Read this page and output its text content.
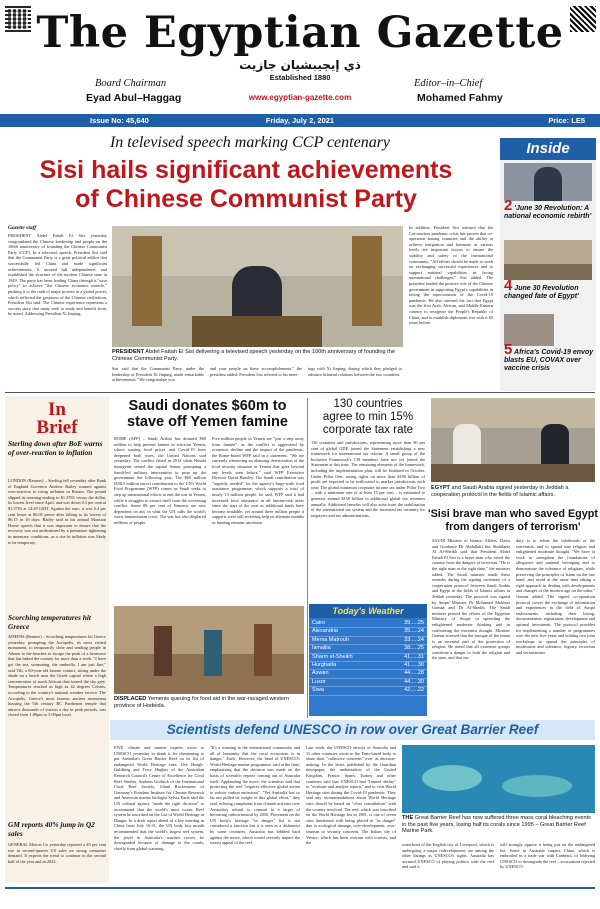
The Egyptian Gazette
ذي إيجيبشيان جازيت
Established 1880
www.egyptian-gazette.com
Board Chairman
Eyad Abul–Haggag
Editor–in–Chief
Mohamed Fahmy
Issue No: 45,640	Friday, July 2, 2021	Price: LE5
In televised speech marking CCP centenary
Sisi hails significant achievements
of Chinese Communist Party
Gazette staff

PRESIDENT Abdel Fattah El Sisi yesterday congratulated the Chinese leadership and people on the 100th anniversary of founding the Chinese Communist Party (CCP). In a televised speech, President Sisi said that the Communist Party is a great political edifice that successfully led China and made significant achievements. It secured full independence, and established the structure of the modern Chinese state in 1949. The party has been leading China through a "wise policy" to achieve "the Chinese economic miracle," pushing it to the rank of major powers in a global power, which reflected the greatness of the Chinese civilisation, President Sisi said. The Chinese experience represents a success story that many seek to study and benefit from, he noted. Addressing President Xi Jinping,

PRESIDENT Abdel Fattah El Sisi delivering a televised speech yesterday on the 100th anniversary of founding the Chinese Communist Party.

Sisi said that the Communist Party, under the leadership of President Xi Jinping, made remarkable achievements. "We congratulate you

and your people on these accomplishments," the president added. President Sisi referred to his meet-

ings with Xi Jinping, during which they pledged to advance bilateral relations between the two countries.

In addition, President Sisi stressed that the Coronavirus pandemic crisis has proven that co-operation among countries and the ability to achieve integration and harmony at various levels are important factors to ensure the stability and safety of the international community. "All efforts should be made to work on exchanging successful experiences and to support national capabilities in facing international challenges," Sisi added. The president lauded the positive role of the Chinese government in supporting Egypt's capabilities in facing the repercussions of the Covid-19 pandemic. He also stressed the fact that Egypt was the first Arab, African, and Middle Eastern country to recognise the People's Republic of China, and to establish diplomatic ties with it 65 years before.

Inside
2 'June 30 Revolution: A national economic rebirth'
4 June 30 Revolution changed fate of Egypt'
5 Africa's Covid-19 envoy blasts EU, COVAX over vaccine crisis
In
Brief
Sterling down after BoE warns of over-reaction to inflation

LONDON (Reuters) – Sterling fell yesterday after Bank of England Governor Andrew Bailey warned against over-reaction to rising inflation in Britain. The pound slipped in morning trading to $1.3765 versus the dollar, its lowest level since April, and was down 0.3 per cent at $1.3783 at 14:49 GMT. Against the euro, it was 0.4 per cent lower at 86.05 pence after falling to its lowest of 86.15 in 16 days. Bailey said in his annual Mansion House speech that it was important to ensure that the recovery was not undermined by a premature tightening in monetary conditions, as a rise in inflation was likely to be temporary.

Scorching temperatures hit Greece

ATHENS (Reuters) – Scorching temperatures hit Greece yesterday, prompting the Acropolis, its most visited monument, to temporarily close and sending people in Athens to the beaches to escape the peak of a heatwave that has baked the country for more than a week. "I have got the sea, swimming, the umbrella, I am just fine," said Vili, a 60-year-old bronze contact, sitting under the shade on a beach near the Greek capital where a high concentration of north African dust turned the sky grey. Temperatures reached as high as 42 degrees Celsius, according to the country's national weather service. The Acropolis, Greece's most famous ancient monument housing the 5th century BC Parthenon temple that attracts thousands of visitors a day in peak periods, was closed from 1:00pm to 5:00pm local.

GM reports 40% jump in Q2 sales

GENERAL Motors Co yesterday reported a 40 per cent rise in second-quarter US sales on strong consumer demand. It expects the trend to continue in the second half of the year and in 2022.

Saudi donates $60m to
stave off Yemen famine

ROME (AFP) – Saudi Arabia has donated $60 million to help prevent famine in war-torn Yemen, where soaring food prices and Covid-19 have deepened both woes, the United Nations said yesterday. The conflict flared in 2014 when Houthi insurgents seized the capital Sanaa, prompting a Saudi-led military intervention to prop up the government the following year. The $60 million ($50.5 million euros) contribution to the UN's World Food Programme (WFP) comes as Saudi seeks to step up international efforts to end the war in Yemen, while it struggles to extract itself from the worsening conflict. Some 80 per cent of Yemenis are now dependent on aid, in what the UN calls the world's worst humanitarian crisis. The war has also displaced millions of people.

Five million people in Yemen are "just a step away from famine", as the conflict is aggravated by economic decline and the impact of the pandemic, the Rome-based WFP said in a statement. "We are currently witnessing an alarming deterioration of the food security situation in Yemen that goes beyond any levels seen before," said WFP Executive Director David Beasley. The Saudi contribution was "urgently needed" for the agency's large-scale food assistance programme, which supports a total of nearly 13 million people, he said. WFP said it had increased food assistance in all famine-risk areas since the start of the year as additional funds have become available, yet around three million people it supports were still receiving help on alternate months as funding remains uncertain.

DISPLACED Yemenis queuing for food aid in the war-ravaged western province of Hodeida.
130 countries
agree to min 15%
corporate tax rate

130 countries and jurisdictions, representing more than 90 per cent of global GDP, joined the Statement establishing a new framework for international tax reform. A small group of the Inclusive Framework's 139 members have not yet joined the Statement at this time. The remaining elements of the framework, including the implementation plan, will be finalised in October. Under Pillar One, taxing rights on more than $100 billion of profit are expected to be reallocated to market jurisdictions each year. The global minimum corporate income tax under Pillar Two – with a minimum rate of at least 15 per cent – is estimated to generate around $150 billion in additional global tax revenues annually. Additional benefits will also arise from the stabilisation of the international tax system and the increased tax certainty for taxpayers and tax administrations.

Today's Weather
Cairo	39.....25
Alexandria	35.....24
Mersa Matrouh	33.....24
Ismailia	38.....25
Sharm el-Sheikh	41.....31
Hurghada	41.....30
Aswan	44.....28
Luxor	44.....30
Siwa	42.....22
EGYPT and Saudi Arabia signed yesterday in Jeddah a cooperation protocol in the fields of Islamic affairs.
'Sisi brave man who saved Egypt
from dangers of terrorism'

SAUDI Minister of Islamic Affairs, Dawa and Guidance Dr Abdullatif bin Abdulaziz Al Al-Sheikh said that President Abdel Fattah El Sisi is a brave man who saved the country from the dangers of terrorism. "He is the right man at the right time," the minister added. The Saudi minister made these remarks during the signing ceremony of a cooperation protocol between Saudi Arabia and Egypt in the fields of Islamic affairs in Jeddah yesterday. The protocol was signed by Awqaf Minister Dr Mohamed Mokhtar Gomaa and Dr Al-Sheikh. The Saudi minister praised the efforts of the Egyptian Ministry of Awqaf in spreading the enlightened moderate thinking and in confronting the extremist thought. Minister Gomaa stressed that the mosque of the imam is an essential part of the protection of religion. He noted that all extremist groups constitute a danger to both the religion and the state, and that our

duty is to refute the falsehoods of the extremists, and to spread true religion and enlightened moderate thought. "We have to work to strengthen the foundations of allegiance and national belonging and to demonstrate the tolerance of religions, while preserving the principles of Islam on the one hand, and avoid at the same time taking a rigid approach in dealing with developments and changes of the modern age on the other," Gomaa added. The signed co-operation protocol covers the exchange of information and experiences in the field of Awqaf endowments, including their listing, documentation, registration, development and optimal investment. The protocol provides for implementing a number of programmes over the next five years and holding two joint workshops to spread the principles of moderation and tolerance, bigotry, terrorism and sectarianism.

Scientists defend UNESCO in row over Great Barrier Reef

FIVE climate and marine experts wrote to UNESCO yesterday to thank it for threatening to put Australia's Great Barrier Reef on its list of endangered World Heritage sites. Ove Hoegh-Guldberg and Terry Hughes of the Australian Research Council's Centre of Excellence for Coral Reef Studies, Andreas Grobeck of the International Coral Reef Society, Johan Rockstroem of Germany's Potsdam Institute for Climate Research and American marine biologist Sylvia Earle said the UN cultural agency "made the right decision" to recommend that the world's most iconic Reef system be inscribed on the List of World Heritage in Danger. In a draft report ahead of a key meeting in China from July 16-31, the UN body last month recommended that the world's largest reef system, the jewel in Australia's tourism crown, be downgraded because of damage to the corals, chiefly from global warming.

"It's a warning to the international community and all of humanity that the coral ecosystem is in danger," Earle. However, the head of UNESCO's World Heritage marine programme, said at the time, emphasising that the decision was made on the basis of scientific reports coming out of Australia itself. Applauding the move, the scientists said that protecting the reef "requires effective global action to reduce carbon emissions". "Yet Australia has so far not pulled its weight in this global effort," they said, echoing complaints from climate activists over Australia's refusal to commit to a target of becoming carbon-neutral by 2050. Placement on the UN body's heritage "in danger" list is not considered a sanction but it is seen as a dishonour by some countries. Australia has lobbied hard against the move, which would severely impact the tourist appeal of the reef.

Last week, the UNESCO envoys of Australia and 11 other countries wrote to the Paris-based body to share their "collective concerns" over its decision-making. In the letter, published by the Guardian newspaper, the ambassadors of the United Kingdom, France, Spain, Turkey and other countries said that UNESCO had "limited ability" to "evaluate and analyse reports" and to visit World Heritage sites during the Covid-19 pandemic. They said any recommendations about World Heritage sites should be based on "close consultation" with the country involved. The reef, which was inscribed on the World Heritage list in 1981, is one of seven sites threatened with being placed in "in danger" due to ecological damage, over-development, over-tourism or security concerns. The Italian city of Venice, which has been overrun with tourists, and the

THE Great Barrier Reef has now suffered three mass coral bleaching events in the past five years, losing half its corals since 1995 – Great Barrier Reef Marine Park.

waterfront of the English city of Liverpool, which is undergoing a major redevelopment, are among the other listings as UNESCO's sights. Australia has accused UNESCO of playing politics with the reef and said it

will strongly oppose it being put on the endangered list. Some in Australia suspect China, which is embroiled in a trade war with Canberra, of lobbying UNESCO to downgrade the reef – accusations rejected by UNESCO.
